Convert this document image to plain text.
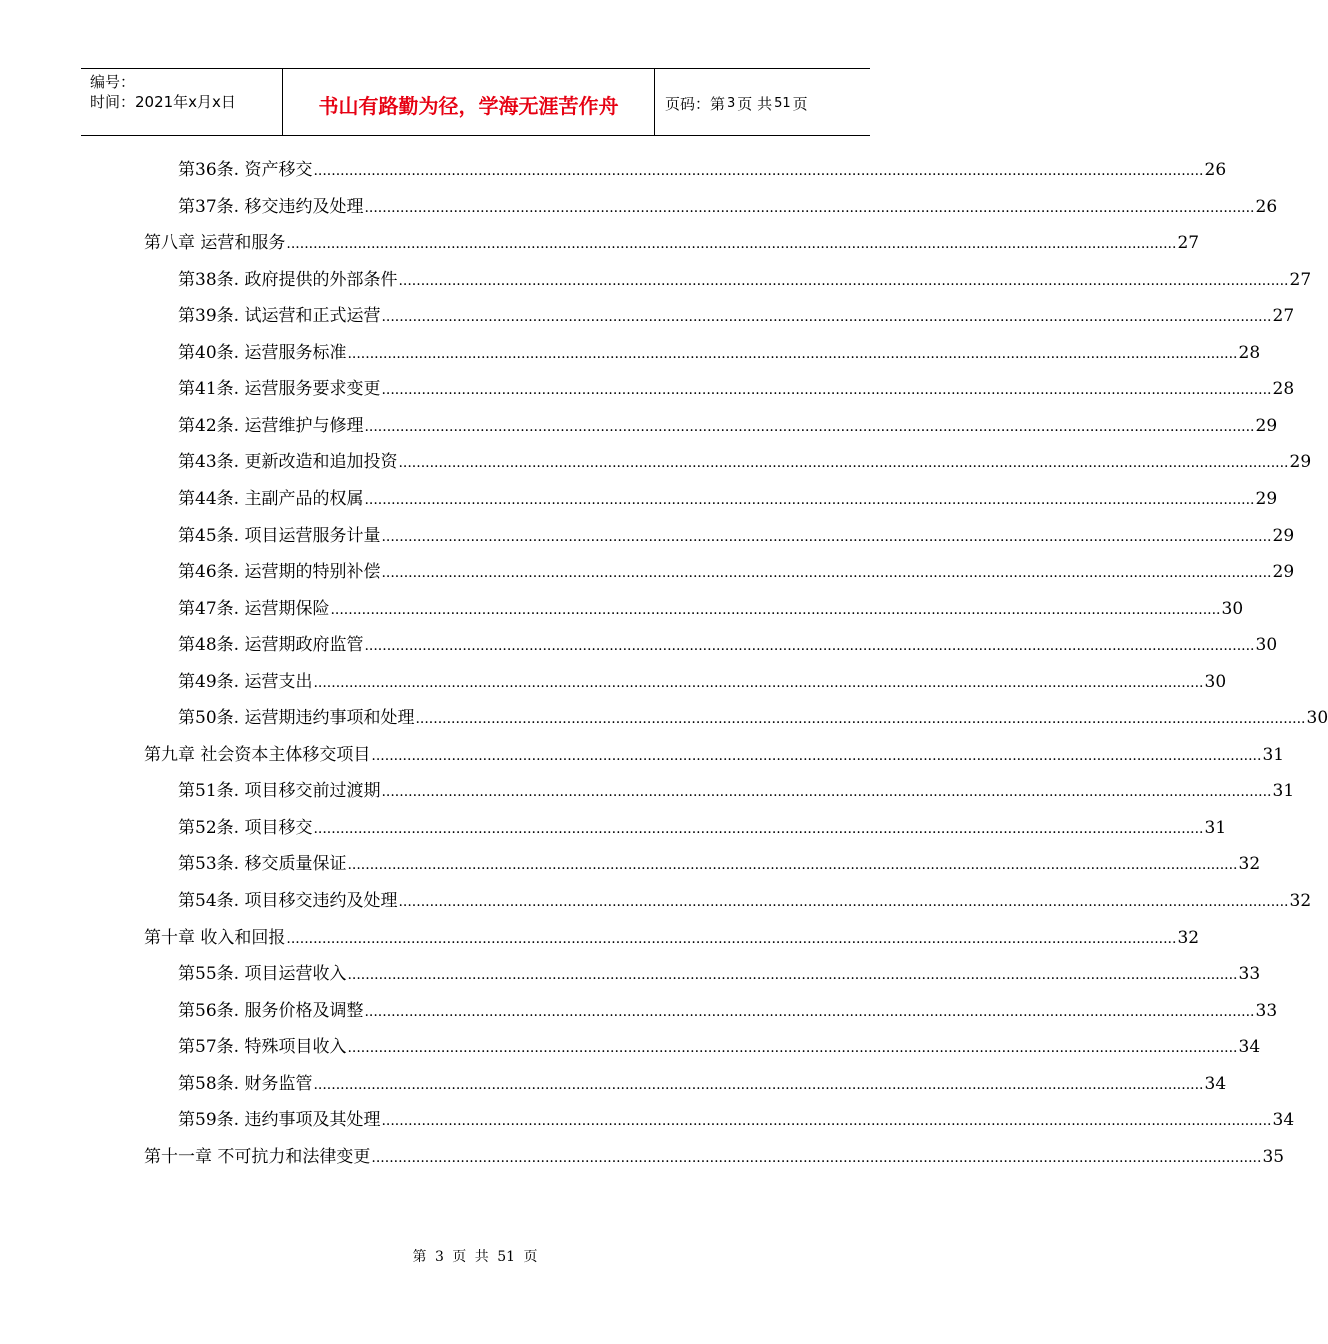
编号：
时间：2021年x月x日	书山有路勤为径，学海无涯苦作舟	页码：第 3 页 共 51 页
第36条. 资产移交 ........................................................................................................................................................................................................ 26
第37条. 移交违约及处理 ........................................................................................................................................................................................................ 26
第八章 运营和服务 ........................................................................................................................................................................................................ 27
第38条. 政府提供的外部条件 ........................................................................................................................................................................................................ 27
第39条. 试运营和正式运营 ........................................................................................................................................................................................................ 27
第40条. 运营服务标准 ........................................................................................................................................................................................................ 28
第41条. 运营服务要求变更 ........................................................................................................................................................................................................ 28
第42条. 运营维护与修理 ........................................................................................................................................................................................................ 29
第43条. 更新改造和追加投资 ........................................................................................................................................................................................................ 29
第44条. 主副产品的权属 ........................................................................................................................................................................................................ 29
第45条. 项目运营服务计量 ........................................................................................................................................................................................................ 29
第46条. 运营期的特别补偿 ........................................................................................................................................................................................................ 29
第47条. 运营期保险 ........................................................................................................................................................................................................ 30
第48条. 运营期政府监管 ........................................................................................................................................................................................................ 30
第49条. 运营支出 ........................................................................................................................................................................................................ 30
第50条. 运营期违约事项和处理 ........................................................................................................................................................................................................ 30
第九章 社会资本主体移交项目 ........................................................................................................................................................................................................ 31
第51条. 项目移交前过渡期 ........................................................................................................................................................................................................ 31
第52条. 项目移交 ........................................................................................................................................................................................................ 31
第53条. 移交质量保证 ........................................................................................................................................................................................................ 32
第54条. 项目移交违约及处理 ........................................................................................................................................................................................................ 32
第十章 收入和回报 ........................................................................................................................................................................................................ 32
第55条. 项目运营收入 ........................................................................................................................................................................................................ 33
第56条. 服务价格及调整 ........................................................................................................................................................................................................ 33
第57条. 特殊项目收入 ........................................................................................................................................................................................................ 34
第58条. 财务监管 ........................................................................................................................................................................................................ 34
第59条. 违约事项及其处理 ........................................................................................................................................................................................................ 34
第十一章 不可抗力和法律变更 ........................................................................................................................................................................................................ 35
第 3 页 共 51 页
